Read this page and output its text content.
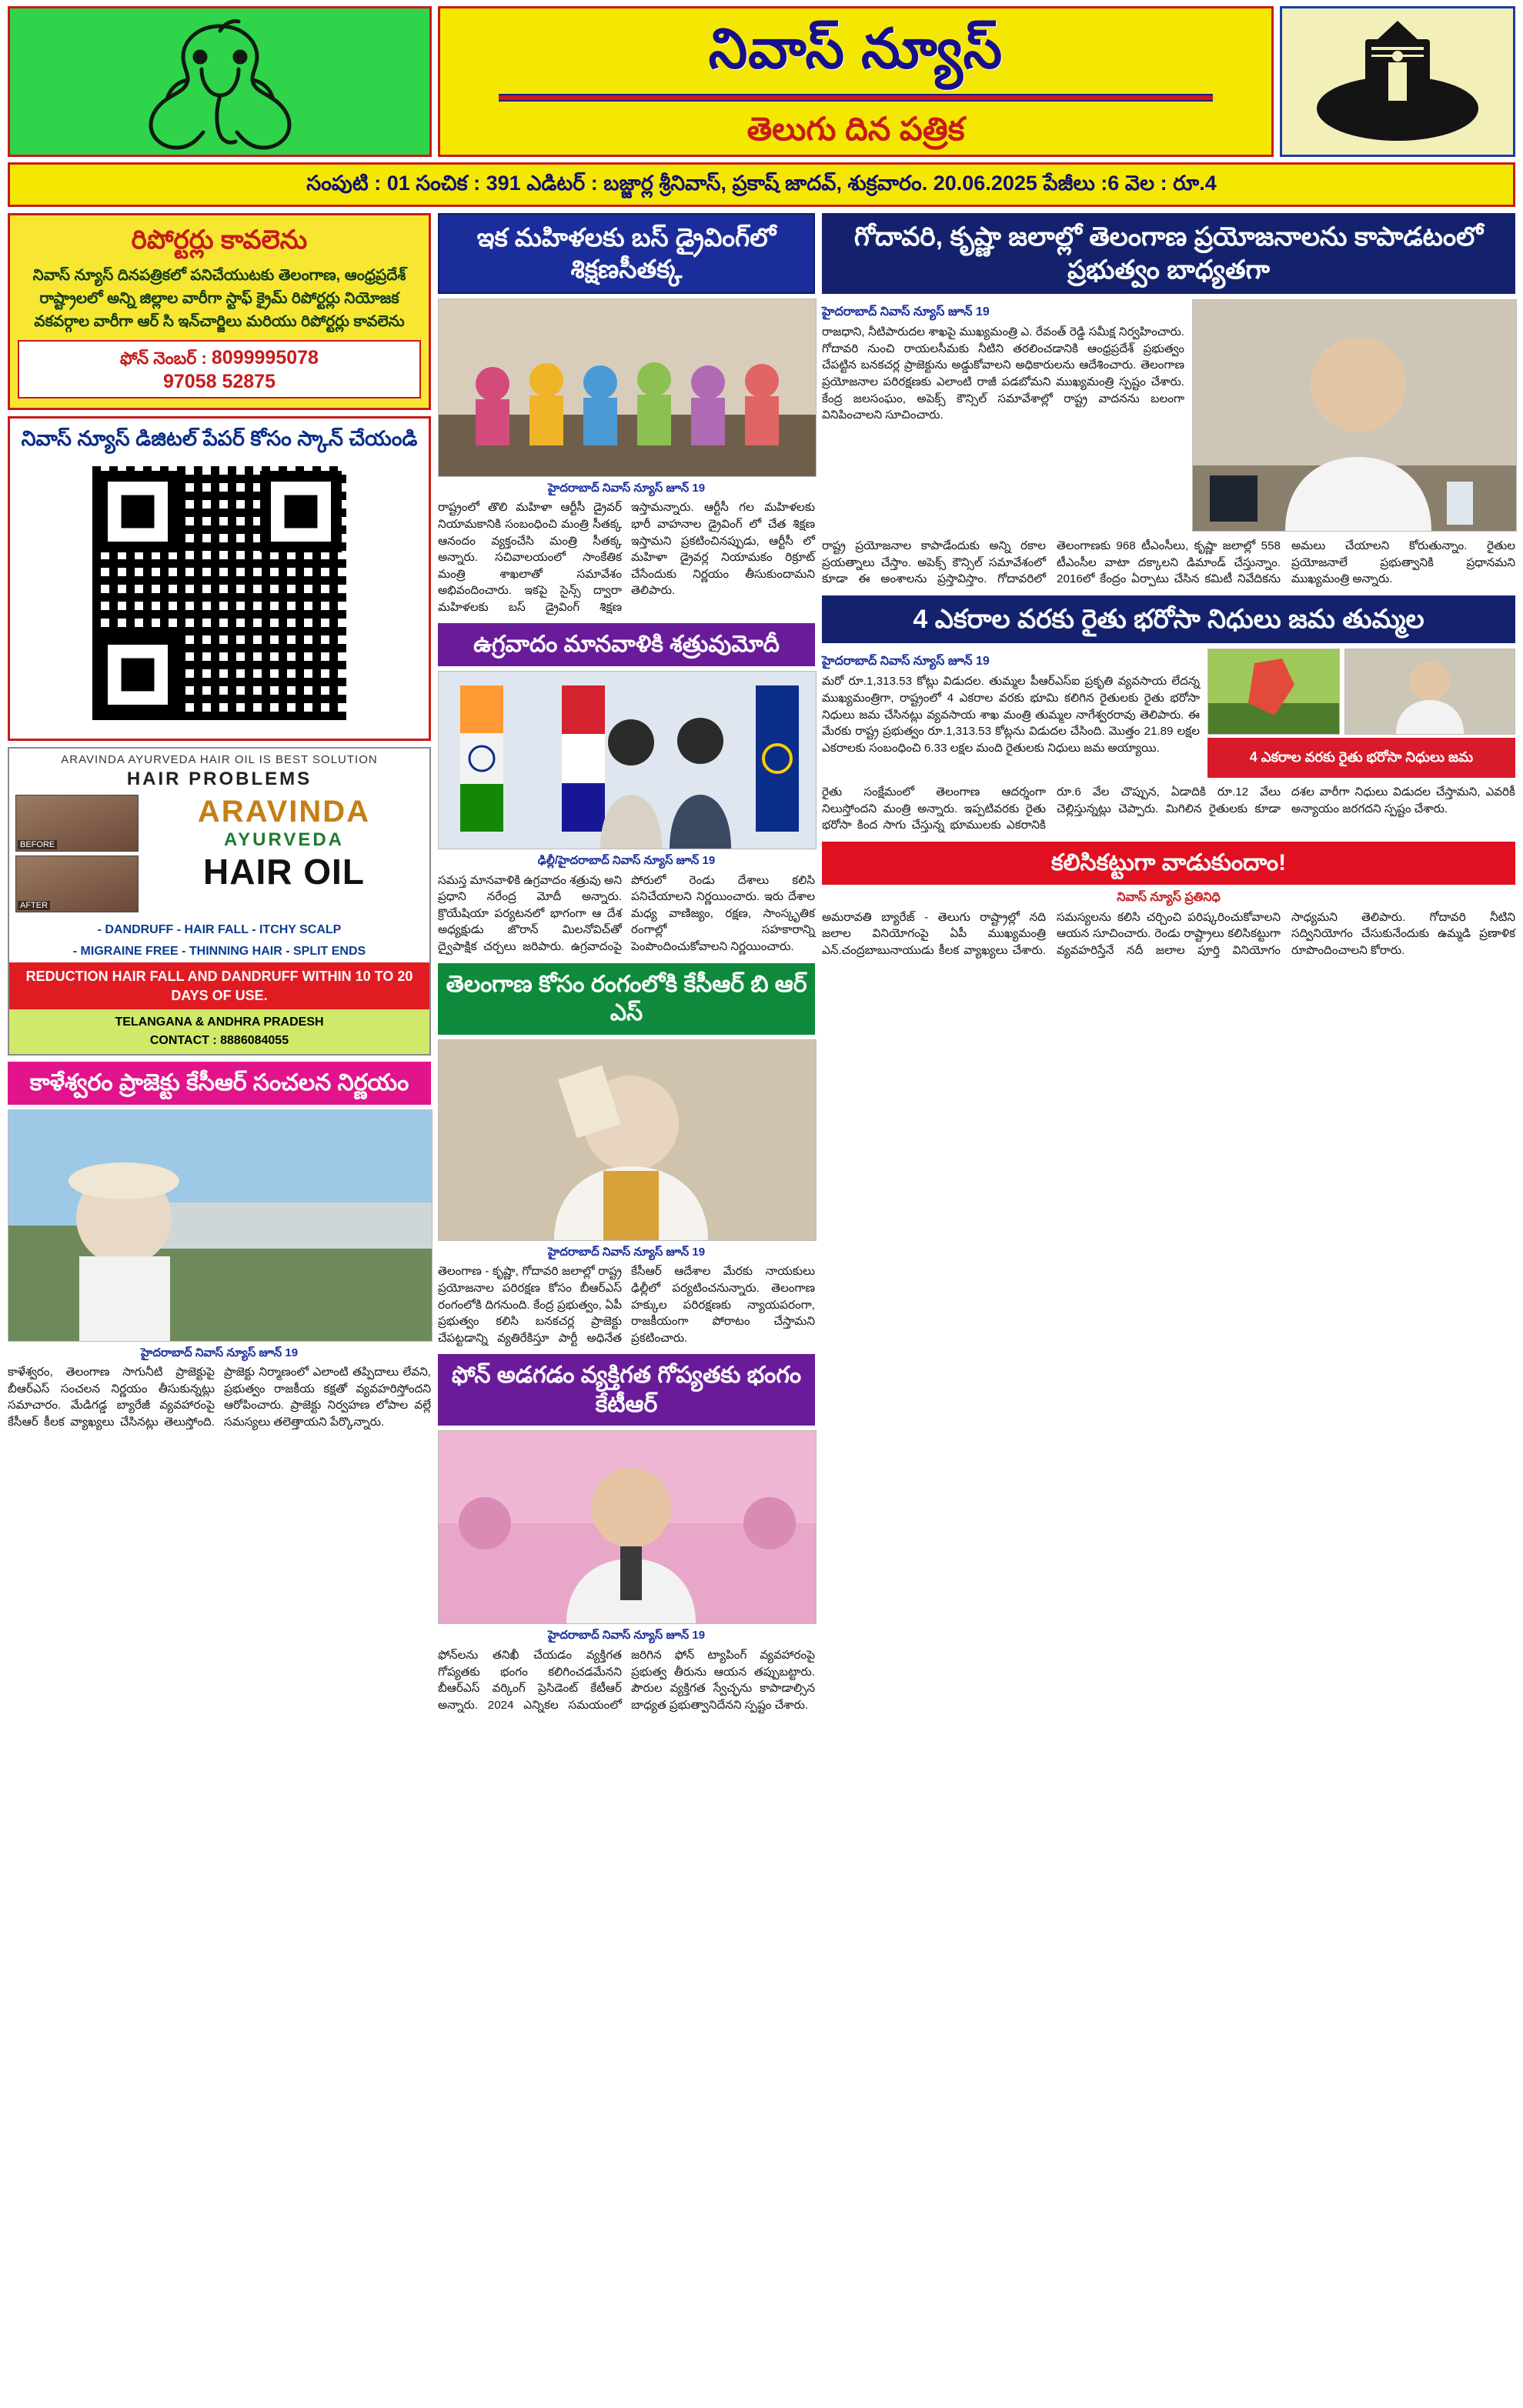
నివాస్ న్యూస్
తెలుగు దిన పత్రిక
సంపుటి : 01 సంచిక : 391 ఎడిటర్ : బజ్జార్ల శ్రీనివాస్, ప్రకాష్ జాదవ్, శుక్రవారం. 20.06.2025 పేజీలు :6 వెల : రూ.4
రిపోర్టర్లు కావలెను
నివాస్ న్యూస్ దినపత్రికలో పనిచేయుటకు తెలంగాణ, ఆంధ్రప్రదేశ్ రాష్ట్రాలలో అన్ని జిల్లాల వారీగా స్టాఫ్ క్రైమ్ రిపోర్టర్లు నియోజక వకవర్గాల వారీగా ఆర్ సి ఇన్‌చార్జిలు మరియు రిపోర్టర్లు కావలెను
ఫోన్ నెంబర్ : 8099995078
97058 52875
నివాస్ న్యూస్ డిజిటల్ పేపర్ కోసం స్కాన్ చేయండి
ARAVINDA AYURVEDA HAIR OIL IS BEST SOLUTION
HAIR PROBLEMS
BEFORE
AFTER
ARAVINDA
AYURVEDA
HAIR OIL
- DANDRUFF - HAIR FALL - ITCHY SCALP
- MIGRAINE FREE - THINNING HAIR - SPLIT ENDS
REDUCTION HAIR FALL AND DANDRUFF WITHIN 10 TO 20 DAYS OF USE.
TELANGANA & ANDHRA PRADESH
CONTACT : 8886084055
కాళేశ్వరం ప్రాజెక్టు కేసీఆర్ సంచలన నిర్ణయం
హైదరాబాద్ నివాస్ న్యూస్ జూన్ 19
కాళేశ్వరం, తెలంగాణ సాగునీటి ప్రాజెక్టుపై బీఆర్ఎస్ సంచలన నిర్ణయం తీసుకున్నట్లు సమాచారం. మేడిగడ్డ బ్యారేజీ వ్యవహారంపై కేసీఆర్ కీలక వ్యాఖ్యలు చేసినట్లు తెలుస్తోంది. ప్రాజెక్టు నిర్మాణంలో ఎలాంటి తప్పిదాలు లేవని, ప్రభుత్వం రాజకీయ కక్షతో వ్యవహరిస్తోందని ఆరోపించారు. ప్రాజెక్టు నిర్వహణ లోపాల వల్లే సమస్యలు తలెత్తాయని పేర్కొన్నారు.
ఇక మహిళలకు బస్ డ్రైవింగ్‌లో శిక్షణసీతక్క
హైదరాబాద్ నివాస్ న్యూస్ జూన్ 19
రాష్ట్రంలో తొలి మహిళా ఆర్టీసీ డ్రైవర్ నియామకానికి సంబంధించి మంత్రి సీతక్క ఆనందం వ్యక్తంచేసి మంత్రి సీతక్క అన్నారు. సచివాలయంలో సాంకేతిక మంత్రి శాఖలాతో సమావేశం అభివందించారు. ఇకపై సైన్స్ ద్వారా మహిళలకు బస్ డ్రైవింగ్ శిక్షణ ఇస్తామన్నారు. ఆర్టీసీ గల మహిళలకు భారీ వాహనాల డ్రైవింగ్ లో చేత శిక్షణ ఇస్తామని ప్రకటించినప్పుడు, ఆర్టీసీ లో మహిళా డ్రైవర్ల నియామకం రిక్రూట్ చేసేందుకు నిర్ణయం తీసుకుందామని తెలిపారు.
ఉగ్రవాదం మానవాళికి శత్రువుమోదీ
ఢిల్లీ/హైదరాబాద్ నివాస్ న్యూస్ జూన్ 19
సమస్త మానవాళికి ఉగ్రవాదం శత్రువు అని ప్రధాని నరేంద్ర మోదీ అన్నారు. క్రొయేషియా పర్యటనలో భాగంగా ఆ దేశ అధ్యక్షుడు జొరాన్ మిలనోవిచ్‌తో ద్వైపాక్షిక చర్చలు జరిపారు. ఉగ్రవాదంపై పోరులో రెండు దేశాలు కలిసి పనిచేయాలని నిర్ణయించారు. ఇరు దేశాల మధ్య వాణిజ్యం, రక్షణ, సాంస్కృతిక రంగాల్లో సహకారాన్ని పెంపొందించుకోవాలని నిర్ణయించారు.
తెలంగాణ కోసం రంగంలోకి కేసీఆర్ బి ఆర్ ఎస్
హైదరాబాద్ నివాస్ న్యూస్ జూన్ 19
తెలంగాణ - కృష్ణా, గోదావరి జలాల్లో రాష్ట్ర ప్రయోజనాల పరిరక్షణ కోసం బీఆర్ఎస్ రంగంలోకి దిగనుంది. కేంద్ర ప్రభుత్వం, ఏపీ ప్రభుత్వం కలిసి బనకచర్ల ప్రాజెక్టు చేపట్టడాన్ని వ్యతిరేకిస్తూ పార్టీ అధినేత కేసీఆర్ ఆదేశాల మేరకు నాయకులు ఢిల్లీలో పర్యటించనున్నారు. తెలంగాణ హక్కుల పరిరక్షణకు న్యాయపరంగా, రాజకీయంగా పోరాటం చేస్తామని ప్రకటించారు.
ఫోన్ అడగడం వ్యక్తిగత గోప్యతకు భంగం కేటీఆర్
హైదరాబాద్ నివాస్ న్యూస్ జూన్ 19
ఫోన్‌లను తనిఖీ చేయడం వ్యక్తిగత గోప్యతకు భంగం కలిగించడమేనని బీఆర్ఎస్ వర్కింగ్ ప్రెసిడెంట్ కేటీఆర్ అన్నారు. 2024 ఎన్నికల సమయంలో జరిగిన ఫోన్ ట్యాపింగ్ వ్యవహారంపై ప్రభుత్వ తీరును ఆయన తప్పుబట్టారు. పౌరుల వ్యక్తిగత స్వేచ్ఛను కాపాడాల్సిన బాధ్యత ప్రభుత్వానిదేనని స్పష్టం చేశారు.
గోదావరి, కృష్ణా జలాల్లో తెలంగాణ ప్రయోజనాలను కాపాడటంలో ప్రభుత్వం బాధ్యతగా
హైదరాబాద్ నివాస్ న్యూస్ జూన్ 19
రాజధాని, నీటిపారుదల శాఖపై ముఖ్యమంత్రి ఎ. రేవంత్ రెడ్డి సమీక్ష నిర్వహించారు. గోదావరి నుంచి రాయలసీమకు నీటిని తరలించడానికి ఆంధ్రప్రదేశ్ ప్రభుత్వం చేపట్టిన బనకచర్ల ప్రాజెక్టును అడ్డుకోవాలని అధికారులను ఆదేశించారు. తెలంగాణ ప్రయోజనాల పరిరక్షణకు ఎలాంటి రాజీ పడబోమని ముఖ్యమంత్రి స్పష్టం చేశారు. కేంద్ర జలసంఘం, అపెక్స్ కౌన్సిల్ సమావేశాల్లో రాష్ట్ర వాదనను బలంగా వినిపించాలని సూచించారు.
రాష్ట్ర ప్రయోజనాల కాపాడేందుకు అన్ని రకాల ప్రయత్నాలు చేస్తాం. అపెక్స్ కౌన్సిల్ సమావేశంలో కూడా ఈ అంశాలను ప్రస్తావిస్తాం. గోదావరిలో తెలంగాణకు 968 టీఎంసీలు, కృష్ణా జలాల్లో 558 టీఎంసీల వాటా దక్కాలని డిమాండ్ చేస్తున్నాం. 2016లో కేంద్రం ఏర్పాటు చేసిన కమిటీ నివేదికను అమలు చేయాలని కోరుతున్నాం. రైతుల ప్రయోజనాలే ప్రభుత్వానికి ప్రధానమని ముఖ్యమంత్రి అన్నారు.
4 ఎకరాల వరకు రైతు భరోసా నిధులు జమ తుమ్మల
హైదరాబాద్ నివాస్ న్యూస్ జూన్ 19
మరో రూ.1,313.53 కోట్లు విడుదల. తుమ్మల పీఆర్ఎస్ఐ ప్రకృతి వ్యవసాయ లేదన్న ముఖ్యమంత్రిగా, రాష్ట్రంలో 4 ఎకరాల వరకు భూమి కలిగిన రైతులకు రైతు భరోసా నిధులు జమ చేసినట్లు వ్యవసాయ శాఖ మంత్రి తుమ్మల నాగేశ్వరరావు తెలిపారు. ఈ మేరకు రాష్ట్ర ప్రభుత్వం రూ.1,313.53 కోట్లను విడుదల చేసింది. మొత్తం 21.89 లక్షల ఎకరాలకు సంబంధించి 6.33 లక్షల మంది రైతులకు నిధులు జమ అయ్యాయి.
4 ఎకరాల వరకు రైతు భరోసా నిధులు జమ
రైతు సంక్షేమంలో తెలంగాణ ఆదర్శంగా నిలుస్తోందని మంత్రి అన్నారు. ఇప్పటివరకు రైతు భరోసా కింద సాగు చేస్తున్న భూములకు ఎకరానికి రూ.6 వేల చొప్పున, ఏడాదికి రూ.12 వేలు చెల్లిస్తున్నట్లు చెప్పారు. మిగిలిన రైతులకు కూడా దశల వారీగా నిధులు విడుదల చేస్తామని, ఎవరికీ అన్యాయం జరగదని స్పష్టం చేశారు.
కలిసికట్టుగా వాడుకుందాం!
నివాస్ న్యూస్ ప్రతినిధి
అమరావతి బ్యారేజ్ - తెలుగు రాష్ట్రాల్లో నది జలాల వినియోగంపై ఏపీ ముఖ్యమంత్రి ఎన్.చంద్రబాబునాయుడు కీలక వ్యాఖ్యలు చేశారు. సమస్యలను కలిసి చర్చించి పరిష్కరించుకోవాలని ఆయన సూచించారు. రెండు రాష్ట్రాలు కలిసికట్టుగా వ్యవహరిస్తేనే నదీ జలాల పూర్తి వినియోగం సాధ్యమని తెలిపారు. గోదావరి నీటిని సద్వినియోగం చేసుకునేందుకు ఉమ్మడి ప్రణాళిక రూపొందించాలని కోరారు.
